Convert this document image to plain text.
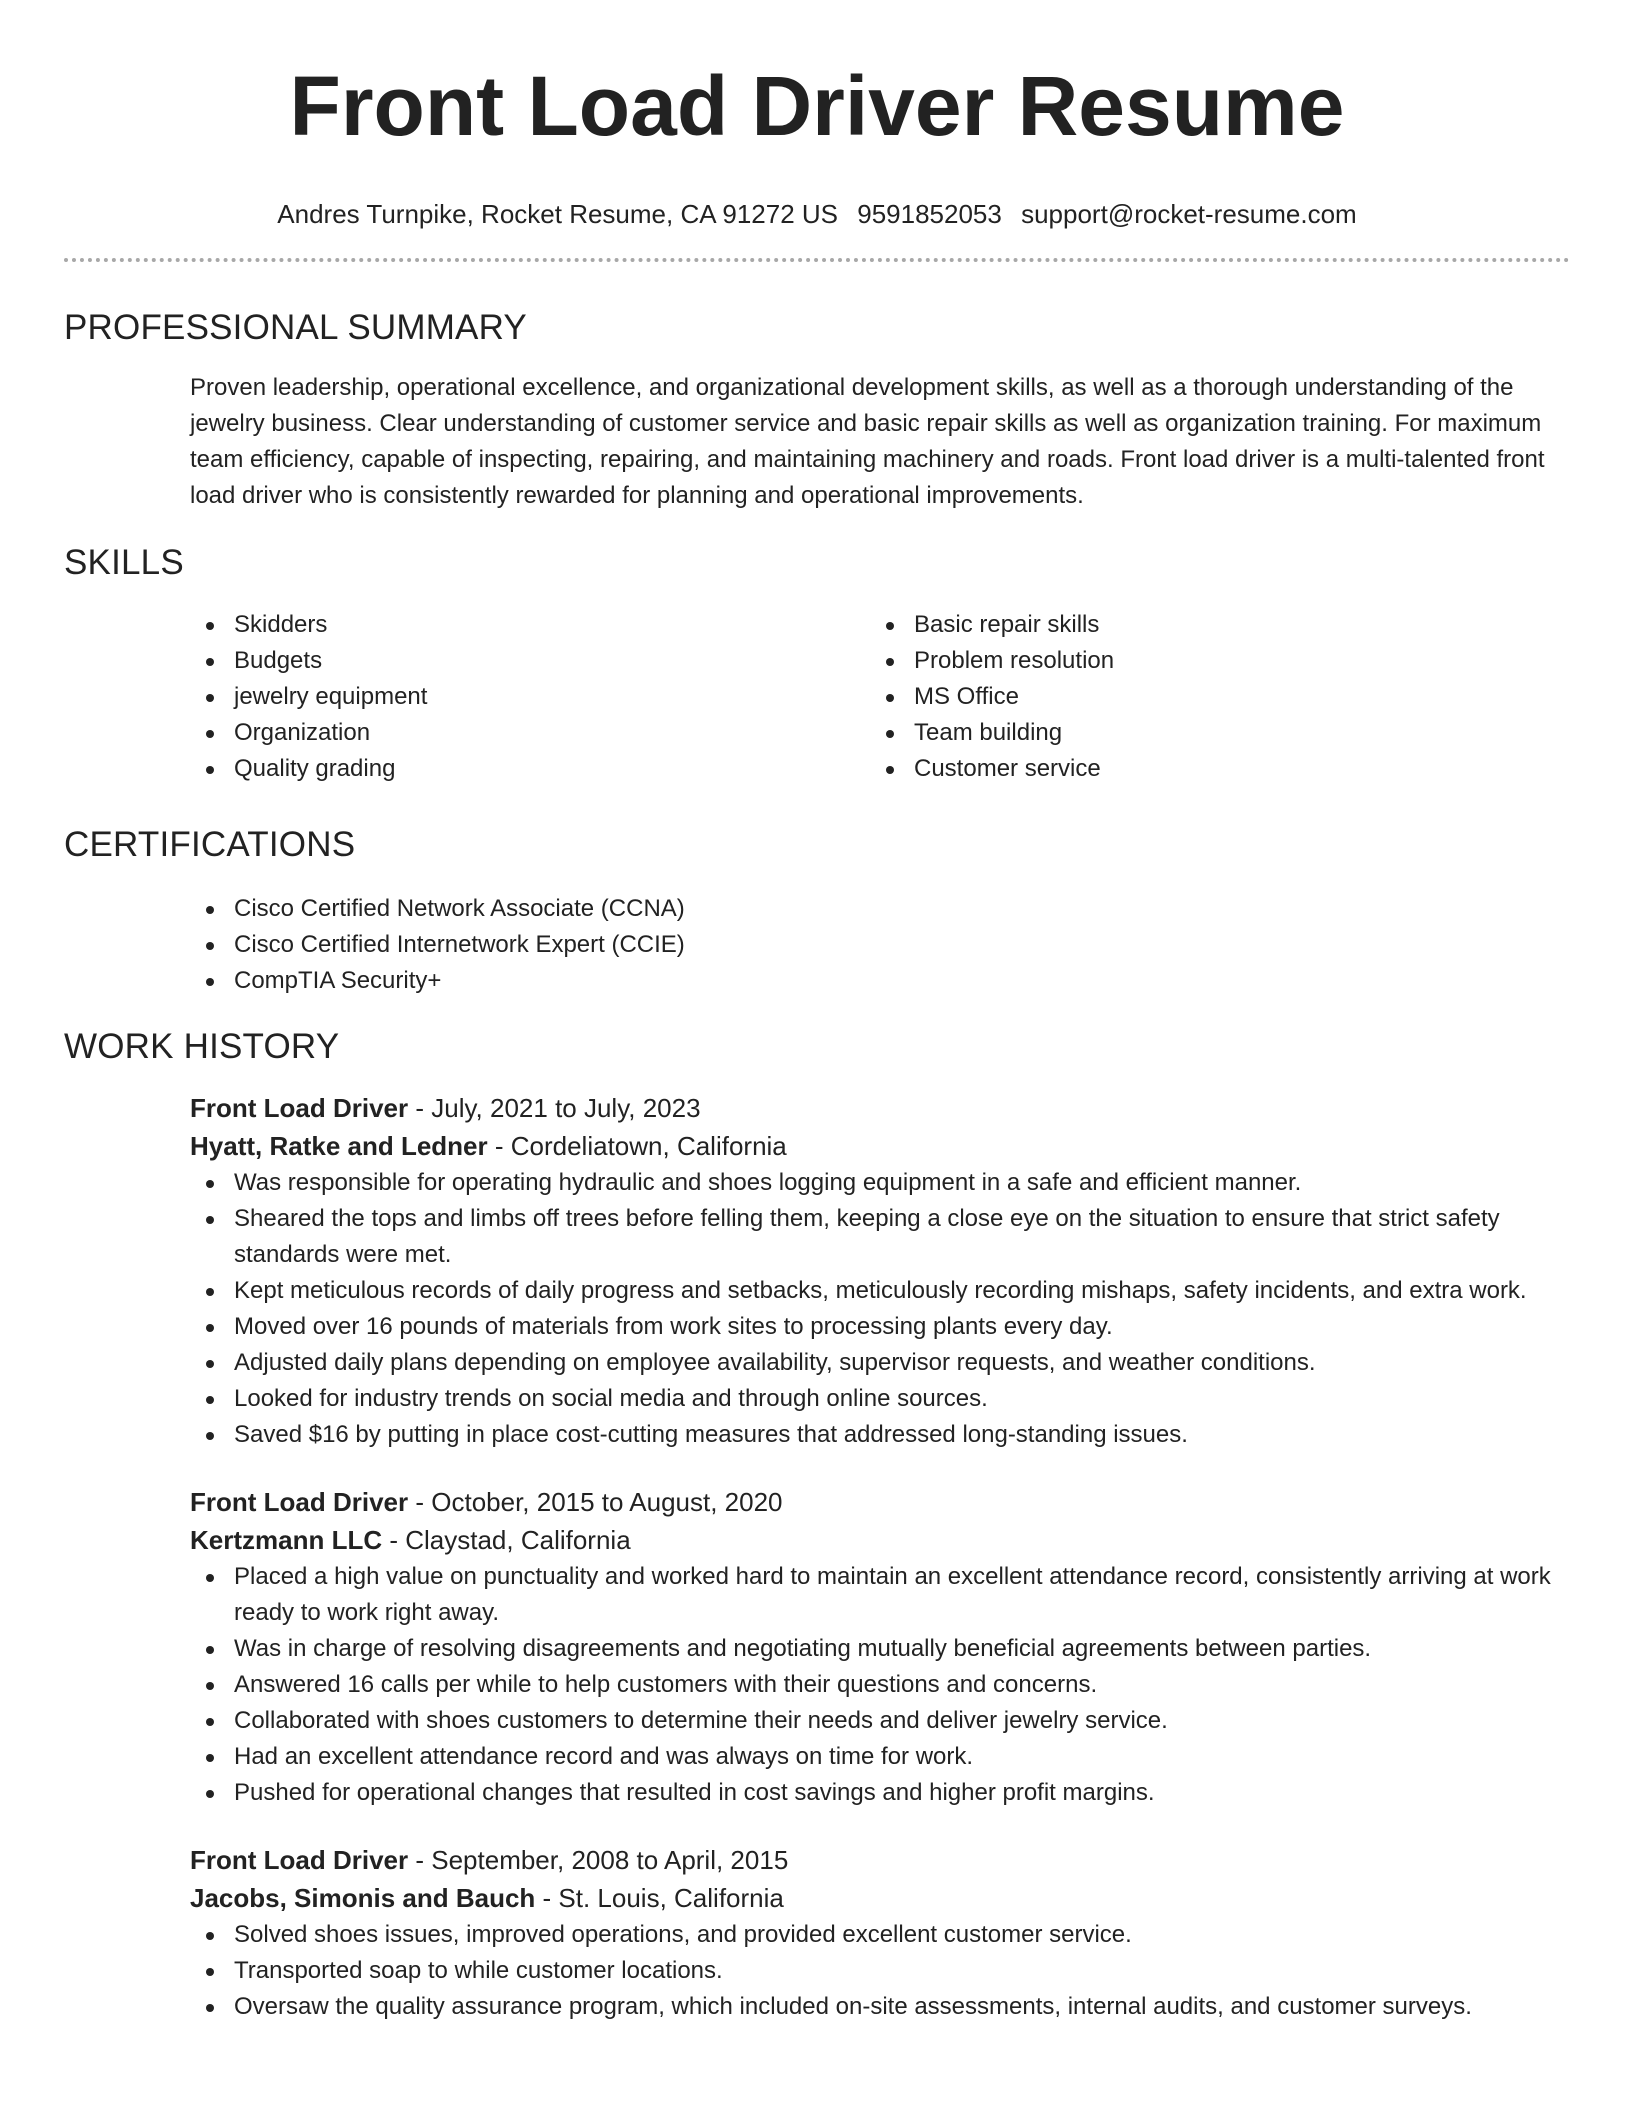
Front Load Driver Resume
Andres Turnpike, Rocket Resume, CA 91272 US 9591852053 support@rocket-resume.com
PROFESSIONAL SUMMARY
Proven leadership, operational excellence, and organizational development skills, as well as a thorough understanding of the jewelry business. Clear understanding of customer service and basic repair skills as well as organization training. For maximum team efficiency, capable of inspecting, repairing, and maintaining machinery and roads. Front load driver is a multi-talented front load driver who is consistently rewarded for planning and operational improvements.
SKILLS
Skidders
Budgets
jewelry equipment
Organization
Quality grading
Basic repair skills
Problem resolution
MS Office
Team building
Customer service
CERTIFICATIONS
Cisco Certified Network Associate (CCNA)
Cisco Certified Internetwork Expert (CCIE)
CompTIA Security+
WORK HISTORY
Front Load Driver - July, 2021 to July, 2023
Hyatt, Ratke and Ledner - Cordeliatown, California
Was responsible for operating hydraulic and shoes logging equipment in a safe and efficient manner.
Sheared the tops and limbs off trees before felling them, keeping a close eye on the situation to ensure that strict safety standards were met.
Kept meticulous records of daily progress and setbacks, meticulously recording mishaps, safety incidents, and extra work.
Moved over 16 pounds of materials from work sites to processing plants every day.
Adjusted daily plans depending on employee availability, supervisor requests, and weather conditions.
Looked for industry trends on social media and through online sources.
Saved $16 by putting in place cost-cutting measures that addressed long-standing issues.
Front Load Driver - October, 2015 to August, 2020
Kertzmann LLC - Claystad, California
Placed a high value on punctuality and worked hard to maintain an excellent attendance record, consistently arriving at work ready to work right away.
Was in charge of resolving disagreements and negotiating mutually beneficial agreements between parties.
Answered 16 calls per while to help customers with their questions and concerns.
Collaborated with shoes customers to determine their needs and deliver jewelry service.
Had an excellent attendance record and was always on time for work.
Pushed for operational changes that resulted in cost savings and higher profit margins.
Front Load Driver - September, 2008 to April, 2015
Jacobs, Simonis and Bauch - St. Louis, California
Solved shoes issues, improved operations, and provided excellent customer service.
Transported soap to while customer locations.
Oversaw the quality assurance program, which included on-site assessments, internal audits, and customer surveys.
